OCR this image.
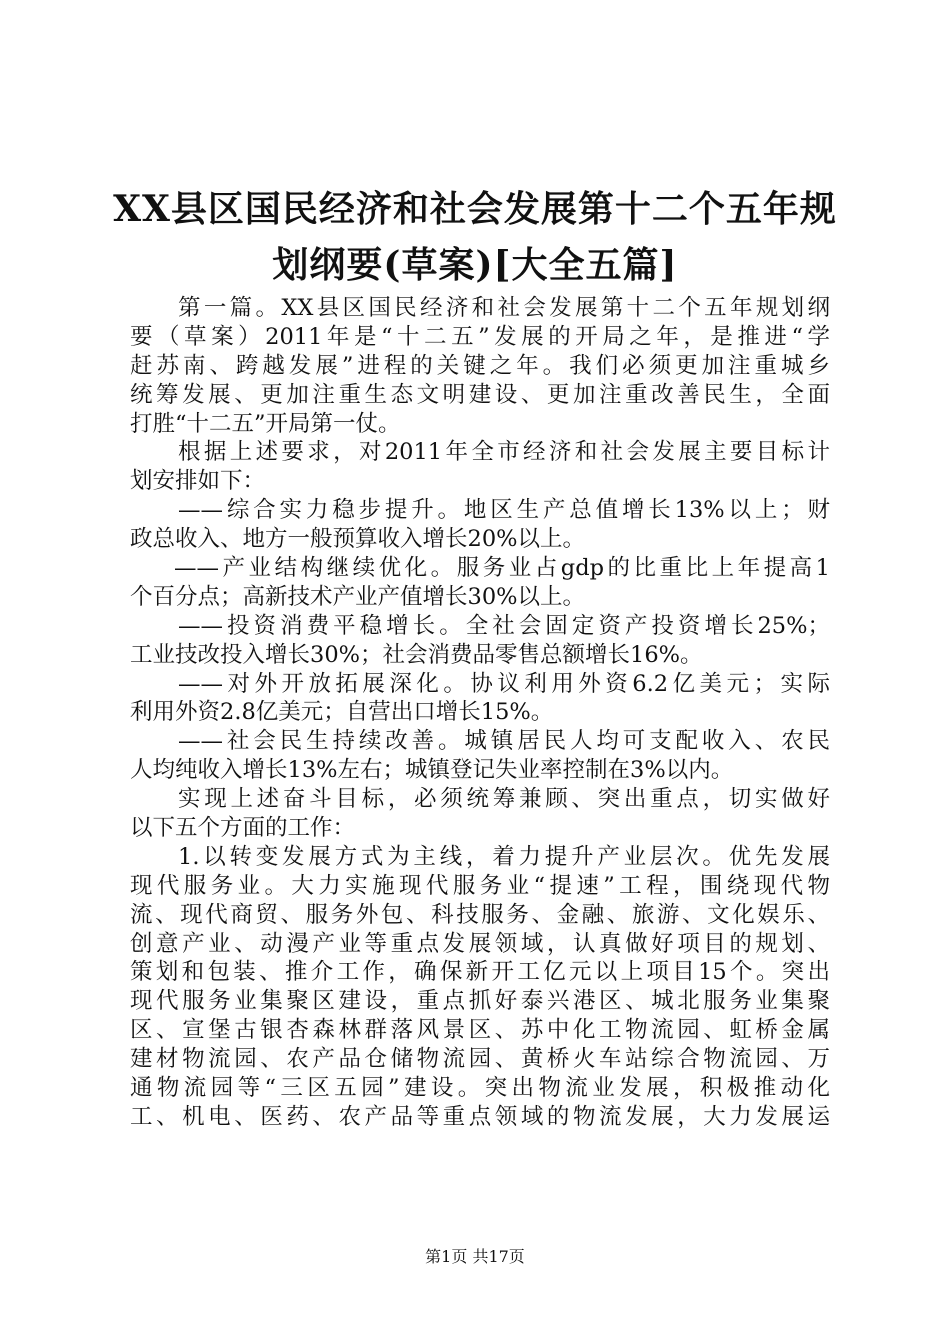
XX县区国民经济和社会发展第十二个五年规
划纲要(草案)[大全五篇]
第一篇。XX县区国民经济和社会发展第十二个五年规划纲
要（草案）2011年是“十二五”发展的开局之年，是推进“学
赶苏南、跨越发展”进程的关键之年。我们必须更加注重城乡
统筹发展、更加注重生态文明建设、更加注重改善民生，全面
打胜“十二五”开局第一仗。
根据上述要求，对2011年全市经济和社会发展主要目标计
划安排如下：
——综合实力稳步提升。地区生产总值增长13%以上；财
政总收入、地方一般预算收入增长20%以上。
——产业结构继续优化。服务业占gdp的比重比上年提高1
个百分点；高新技术产业产值增长30%以上。
——投资消费平稳增长。全社会固定资产投资增长25%；
工业技改投入增长30%；社会消费品零售总额增长16%。
——对外开放拓展深化。协议利用外资6.2亿美元；实际
利用外资2.8亿美元；自营出口增长15%。
——社会民生持续改善。城镇居民人均可支配收入、农民
人均纯收入增长13%左右；城镇登记失业率控制在3%以内。
实现上述奋斗目标，必须统筹兼顾、突出重点，切实做好
以下五个方面的工作：
1.以转变发展方式为主线，着力提升产业层次。优先发展
现代服务业。大力实施现代服务业“提速”工程，围绕现代物
流、现代商贸、服务外包、科技服务、金融、旅游、文化娱乐、
创意产业、动漫产业等重点发展领域，认真做好项目的规划、
策划和包装、推介工作，确保新开工亿元以上项目15个。突出
现代服务业集聚区建设，重点抓好泰兴港区、城北服务业集聚
区、宣堡古银杏森林群落风景区、苏中化工物流园、虹桥金属
建材物流园、农产品仓储物流园、黄桥火车站综合物流园、万
通物流园等“三区五园”建设。突出物流业发展，积极推动化
工、机电、医药、农产品等重点领域的物流发展，大力发展运
第1页 共17页
